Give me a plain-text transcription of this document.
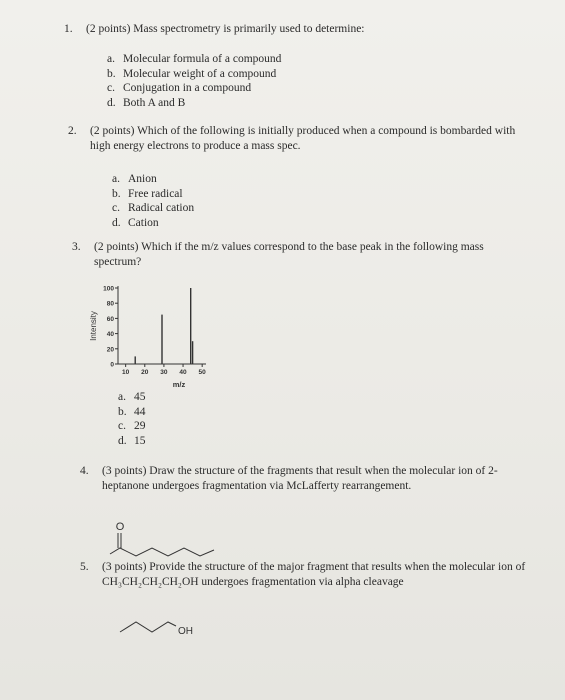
1.	(2 points) Mass spectrometry is primarily used to determine:
a. Molecular formula of a compound
b. Molecular weight of a compound
c. Conjugation in a compound
d. Both A and B
2.	(2 points) Which of the following is initially produced when a compound is bombarded with
high energy electrons to produce a mass spec.
a. Anion
b. Free radical
c. Radical cation
d. Cation
3.	(2 points) Which if the m/z values correspond to the base peak in the following mass
spectrum?
Intensity
m/z
100
80
60
40
20
0
10 20 30 40 50
a. 45
b. 44
c. 29
d. 15
4.	(3 points) Draw the structure of the fragments that result when the molecular ion of 2-
heptanone undergoes fragmentation via McLafferty rearrangement.
O
5.	(3 points) Provide the structure of the major fragment that results when the molecular ion of
CH₃CH₂CH₂CH₂OH undergoes fragmentation via alpha cleavage
OH
